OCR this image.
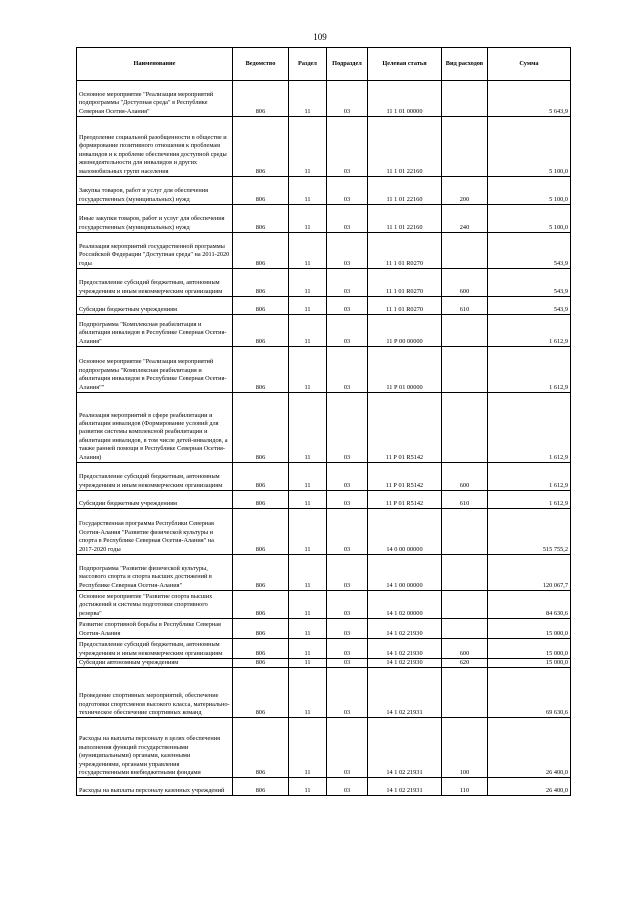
109
Наименование	Ведомство	Раздел	Подраздел	Целевая статья	Вид расходов	Сумма
Основное мероприятие "Реализация мероприятий подпрограммы "Доступная среда" в Республике Северная Осетия-Алания"	806	11	03	11 1 01 00000		5 643,9
Преодоление социальной разобщенности в обществе и формирование позитивного отношения к проблемам инвалидов и к проблеме обеспечения доступной среды жизнедеятельности для инвалидов и других маломобильных групп населения	806	11	03	11 1 01 22160		5 100,0
Закупка товаров, работ и услуг для обеспечения государственных (муниципальных) нужд	806	11	03	11 1 01 22160	200	5 100,0
Иные закупки товаров, работ и услуг для обеспечения государственных (муниципальных) нужд	806	11	03	11 1 01 22160	240	5 100,0
Реализация мероприятий государственной программы Российской Федерации "Доступная среда" на 2011-2020 годы	806	11	03	11 1 01 R0270		543,9
Предоставление субсидий бюджетным, автономным учреждениям и иным некоммерческим организациям	806	11	03	11 1 01 R0270	600	543,9
Субсидии бюджетным учреждениям	806	11	03	11 1 01 R0270	610	543,9
Подпрограмма "Комплексная реабилитация и абилитация инвалидов в Республике Северная Осетия-Алания"	806	11	03	11 Р 00 00000		1 612,9
Основное мероприятие "Реализация мероприятий подпрограммы "Комплексная реабилитация и абилитация инвалидов в Республике Северная Осетия-Алания""	806	11	03	11 Р 01 00000		1 612,9
Реализация мероприятий в сфере реабилитации и абилитации инвалидов (Формирование условий для развития системы комплексной реабилитации и абилитации инвалидов, в том числе детей-инвалидов, а также ранней помощи в Республике Северная Осетия-Алания)	806	11	03	11 Р 01 R5142		1 612,9
Предоставление субсидий бюджетным, автономным учреждениям и иным некоммерческим организациям	806	11	03	11 Р 01 R5142	600	1 612,9
Субсидии бюджетным учреждениям	806	11	03	11 Р 01 R5142	610	1 612,9
Государственная программа Республики Северная Осетия-Алания "Развитие физической культуры и спорта в Республике Северная Осетия-Алания" на 2017-2020 годы	806	11	03	14 0 00 00000		515 755,2
Подпрограмма "Развитие физической культуры, массового спорта и спорта высших достижений в Республике Северная Осетия-Алания"	806	11	03	14 1 00 00000		120 067,7
Основное мероприятие "Развитие спорта высших достижений и системы подготовки спортивного резерва"	806	11	03	14 1 02 00000		84 630,6
Развитие спортивной борьбы в Республике Северная Осетия-Алания	806	11	03	14 1 02 21930		15 000,0
Предоставление субсидий бюджетным, автономным учреждениям и иным некоммерческим организациям	806	11	03	14 1 02 21930	600	15 000,0
Субсидии автономным учреждениям	806	11	03	14 1 02 21930	620	15 000,0
Проведение спортивных мероприятий, обеспечение подготовки спортсменов высокого класса, материально-техническое обеспечение спортивных команд	806	11	03	14 1 02 21931		69 630,6
Расходы на выплаты персоналу в целях обеспечения выполнения функций государственными (муниципальными) органами, казенными учреждениями, органами управления государственными внебюджетными фондами	806	11	03	14 1 02 21931	100	26 400,0
Расходы на выплаты персоналу казенных учреждений	806	11	03	14 1 02 21931	110	26 400,0
